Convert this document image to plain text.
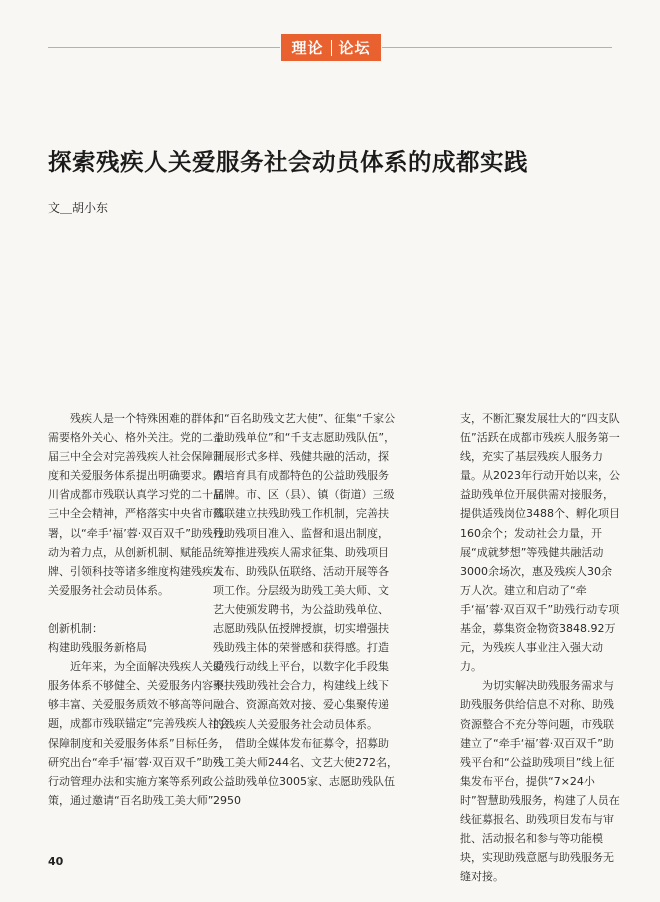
理论 论坛
探索残疾人关爱服务社会动员体系的成都实践
文＿胡小东

残疾人是一个特殊困难的群体，需要格外关心、格外关注。党的二十届三中全会对完善残疾人社会保障制度和关爱服务体系提出明确要求。四川省成都市残联认真学习党的二十届三中全会精神，严格落实中央省市部署，以“牵手‘福’蓉·双百双千”助残行动为着力点，从创新机制、赋能品牌、引领科技等诸多维度构建残疾人关爱服务社会动员体系。

创新机制：

构建助残服务新格局

近年来，为全面解决残疾人关爱服务体系不够健全、关爱服务内容不够丰富、关爱服务质效不够高等问题，成都市残联锚定“完善残疾人社会保障制度和关爱服务体系”目标任务，研究出台“牵手‘福’蓉·双百双千”助残行动管理办法和实施方案等系列政策，通过邀请“百名助残工美大师”

和“百名助残文艺大使”、征集“千家公益助残单位”和“千支志愿助残队伍”，开展形式多样、残健共融的活动，探索培育具有成都特色的公益助残服务品牌。市、区（县）、镇（街道）三级残联建立扶残助残工作机制，完善扶残助残项目准入、监督和退出制度，统筹推进残疾人需求征集、助残项目发布、助残队伍联络、活动开展等各项工作。分层级为助残工美大师、文艺大使颁发聘书，为公益助残单位、志愿助残队伍授牌授旗，切实增强扶残助残主体的荣誉感和获得感。打造助残行动线上平台，以数字化手段集聚扶残助残社会合力，构建线上线下融合、资源高效对接、爱心集聚传递的残疾人关爱服务社会动员体系。

借助全媒体发布征募令，招募助残工美大师244名、文艺大使272名，公益助残单位3005家、志愿助残队伍2950

支，不断汇聚发展壮大的“四支队伍”活跃在成都市残疾人服务第一线，充实了基层残疾人服务力量。从2023年行动开始以来，公益助残单位开展供需对接服务，提供适残岗位3488个、孵化项目160余个；发动社会力量，开展“成就梦想”等残健共融活动3000余场次，惠及残疾人30余万人次。建立和启动了“牵手‘福’蓉·双百双千”助残行动专项基金，募集资金物资3848.92万元，为残疾人事业注入强大动力。

为切实解决助残服务需求与助残服务供给信息不对称、助残资源整合不充分等问题，市残联建立了“牵手‘福’蓉·双百双千”助残平台和“公益助残项目”线上征集发布平台，提供“7×24小时”智慧助残服务，构建了人员在线征募报名、助残项目发布与审批、活动报名和参与等功能模块，实现助残意愿与助残服务无缝对接。

40
